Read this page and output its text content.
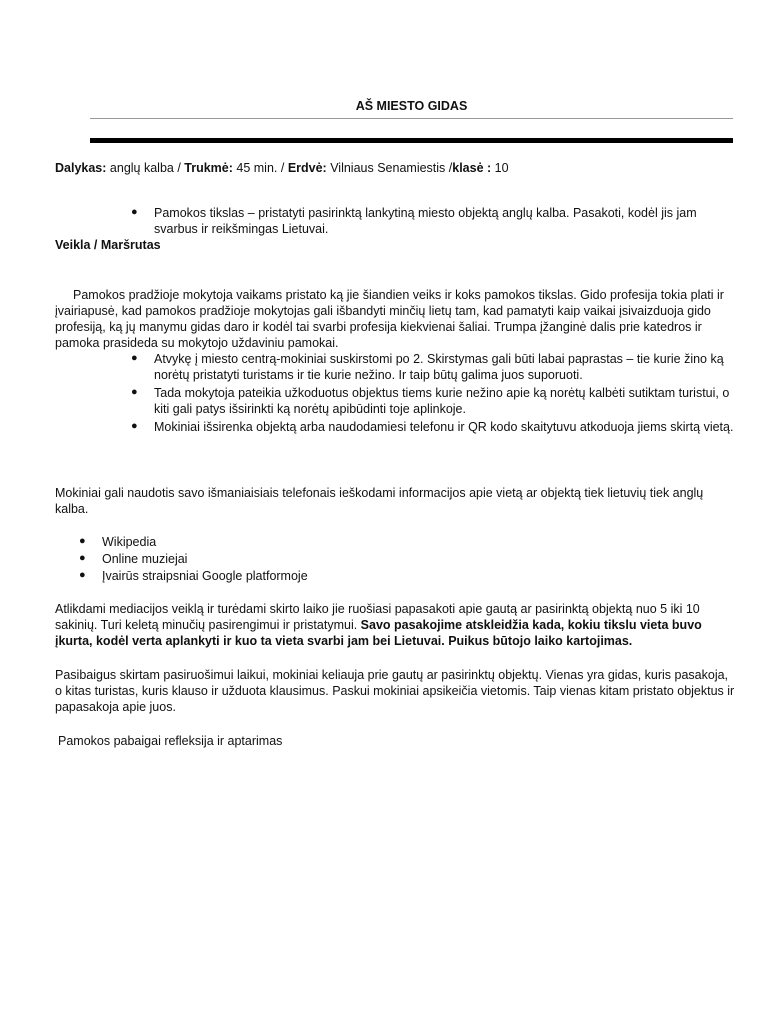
AŠ MIESTO GIDAS
Dalykas: anglų kalba / Trukmė: 45 min. / Erdvė: Vilniaus Senamiestis /klasė : 10
● Pamokos tikslas – pristatyti pasirinktą lankytiną miesto objektą anglų kalba. Pasakoti, kodėl jis jam svarbus ir reikšmingas Lietuvai.
Veikla / Maršrutas
Pamokos pradžioje mokytoja vaikams pristato ką jie šiandien veiks ir koks pamokos tikslas. Gido profesija tokia plati ir įvairiapusė, kad pamokos pradžioje mokytojas gali išbandyti minčių lietų tam, kad pamatyti kaip vaikai įsivaizduoja gido profesiją, ką jų manymu gidas daro ir kodėl tai svarbi profesija kiekvienai šaliai. Trumpa įžanginė dalis prie katedros ir pamoka prasideda su mokytojo uždaviniu pamokai.
● Atvykę į miesto centrą-mokiniai suskirstomi po 2. Skirstymas gali būti labai paprastas – tie kurie žino ką norėtų pristatyti turistams ir tie kurie nežino. Ir taip būtų galima juos suporuoti.
● Tada mokytoja pateikia užkoduotus objektus tiems kurie nežino apie ką norėtų kalbėti sutiktam turistui, o kiti gali patys išsirinkti ką norėtų apibūdinti toje aplinkoje.
● Mokiniai išsirenka objektą arba naudodamiesi telefonu ir QR kodo skaitytuvu atkoduoja jiems skirtą vietą.
Mokiniai gali naudotis savo išmaniaisiais telefonais ieškodami informacijos apie vietą ar objektą tiek lietuvių tiek anglų kalba.
● Wikipedia
● Online muziejai
● Įvairūs straipsniai Google platformoje
Atlikdami mediacijos veiklą ir turėdami skirto laiko jie ruošiasi papasakoti apie gautą ar pasirinktą objektą nuo 5 iki 10 sakinių. Turi keletą minučių pasirengimui ir pristatymui. Savo pasakojime atskleidžia kada, kokiu tikslu vieta buvo įkurta, kodėl verta aplankyti ir kuo ta vieta svarbi jam bei Lietuvai. Puikus būtojo laiko kartojimas.
Pasibaigus skirtam pasiruošimui laikui, mokiniai keliauja prie gautų ar pasirinktų objektų. Vienas yra gidas, kuris pasakoja, o kitas turistas, kuris klauso ir užduota klausimus. Paskui mokiniai apsikeičia vietomis. Taip vienas kitam pristato objektus ir papasakoja apie juos.
Pamokos pabaigai refleksija ir aptarimas
